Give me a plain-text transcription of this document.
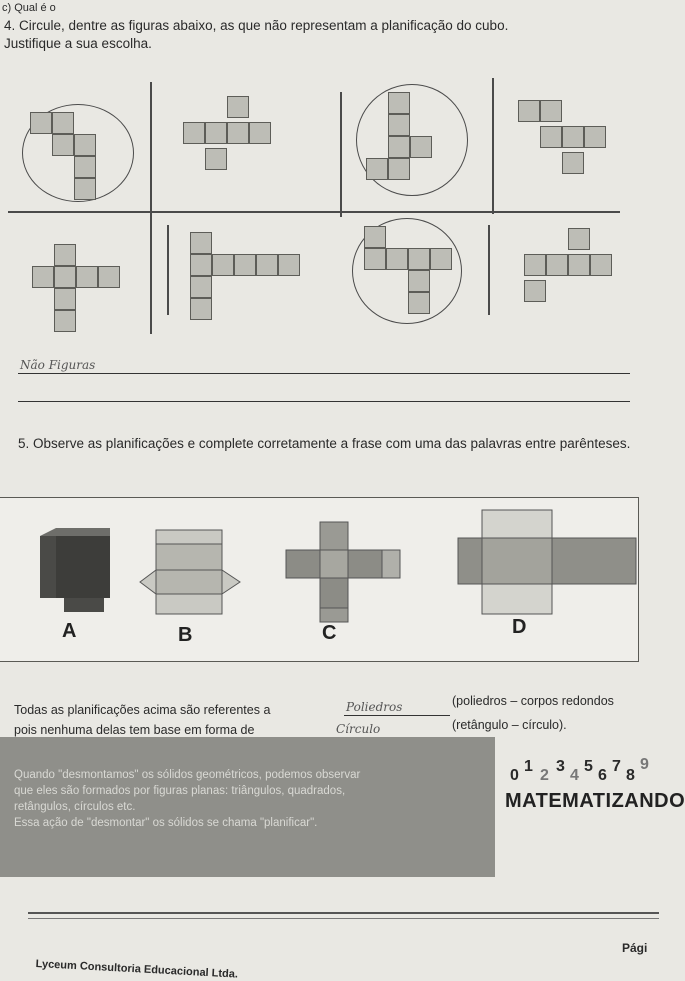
c) Qual é o
4. Circule, dentre as figuras abaixo, as que não representam a planificação do cubo.
Justifique a sua escolha.
Não Figuras
5. Observe as planificações e complete corretamente a frase com uma das palavras entre parênteses.
A	B	C	D
Todas as planificações acima são referentes a	Poliedros	(poliedros – corpos redondos
pois nenhuma delas tem base em forma de	Círculo	(retângulo – círculo).

Quando "desmontamos" os sólidos geométricos, podemos observar

que eles são formados por figuras planas: triângulos, quadrados,

retângulos, círculos etc.

Essa ação de "desmontar" os sólidos se chama "planificar".

0
1
2
3
4
5
6
7
8
9
MATEMATIZANDO
Pági
Lyceum Consultoria Educacional Ltda.
